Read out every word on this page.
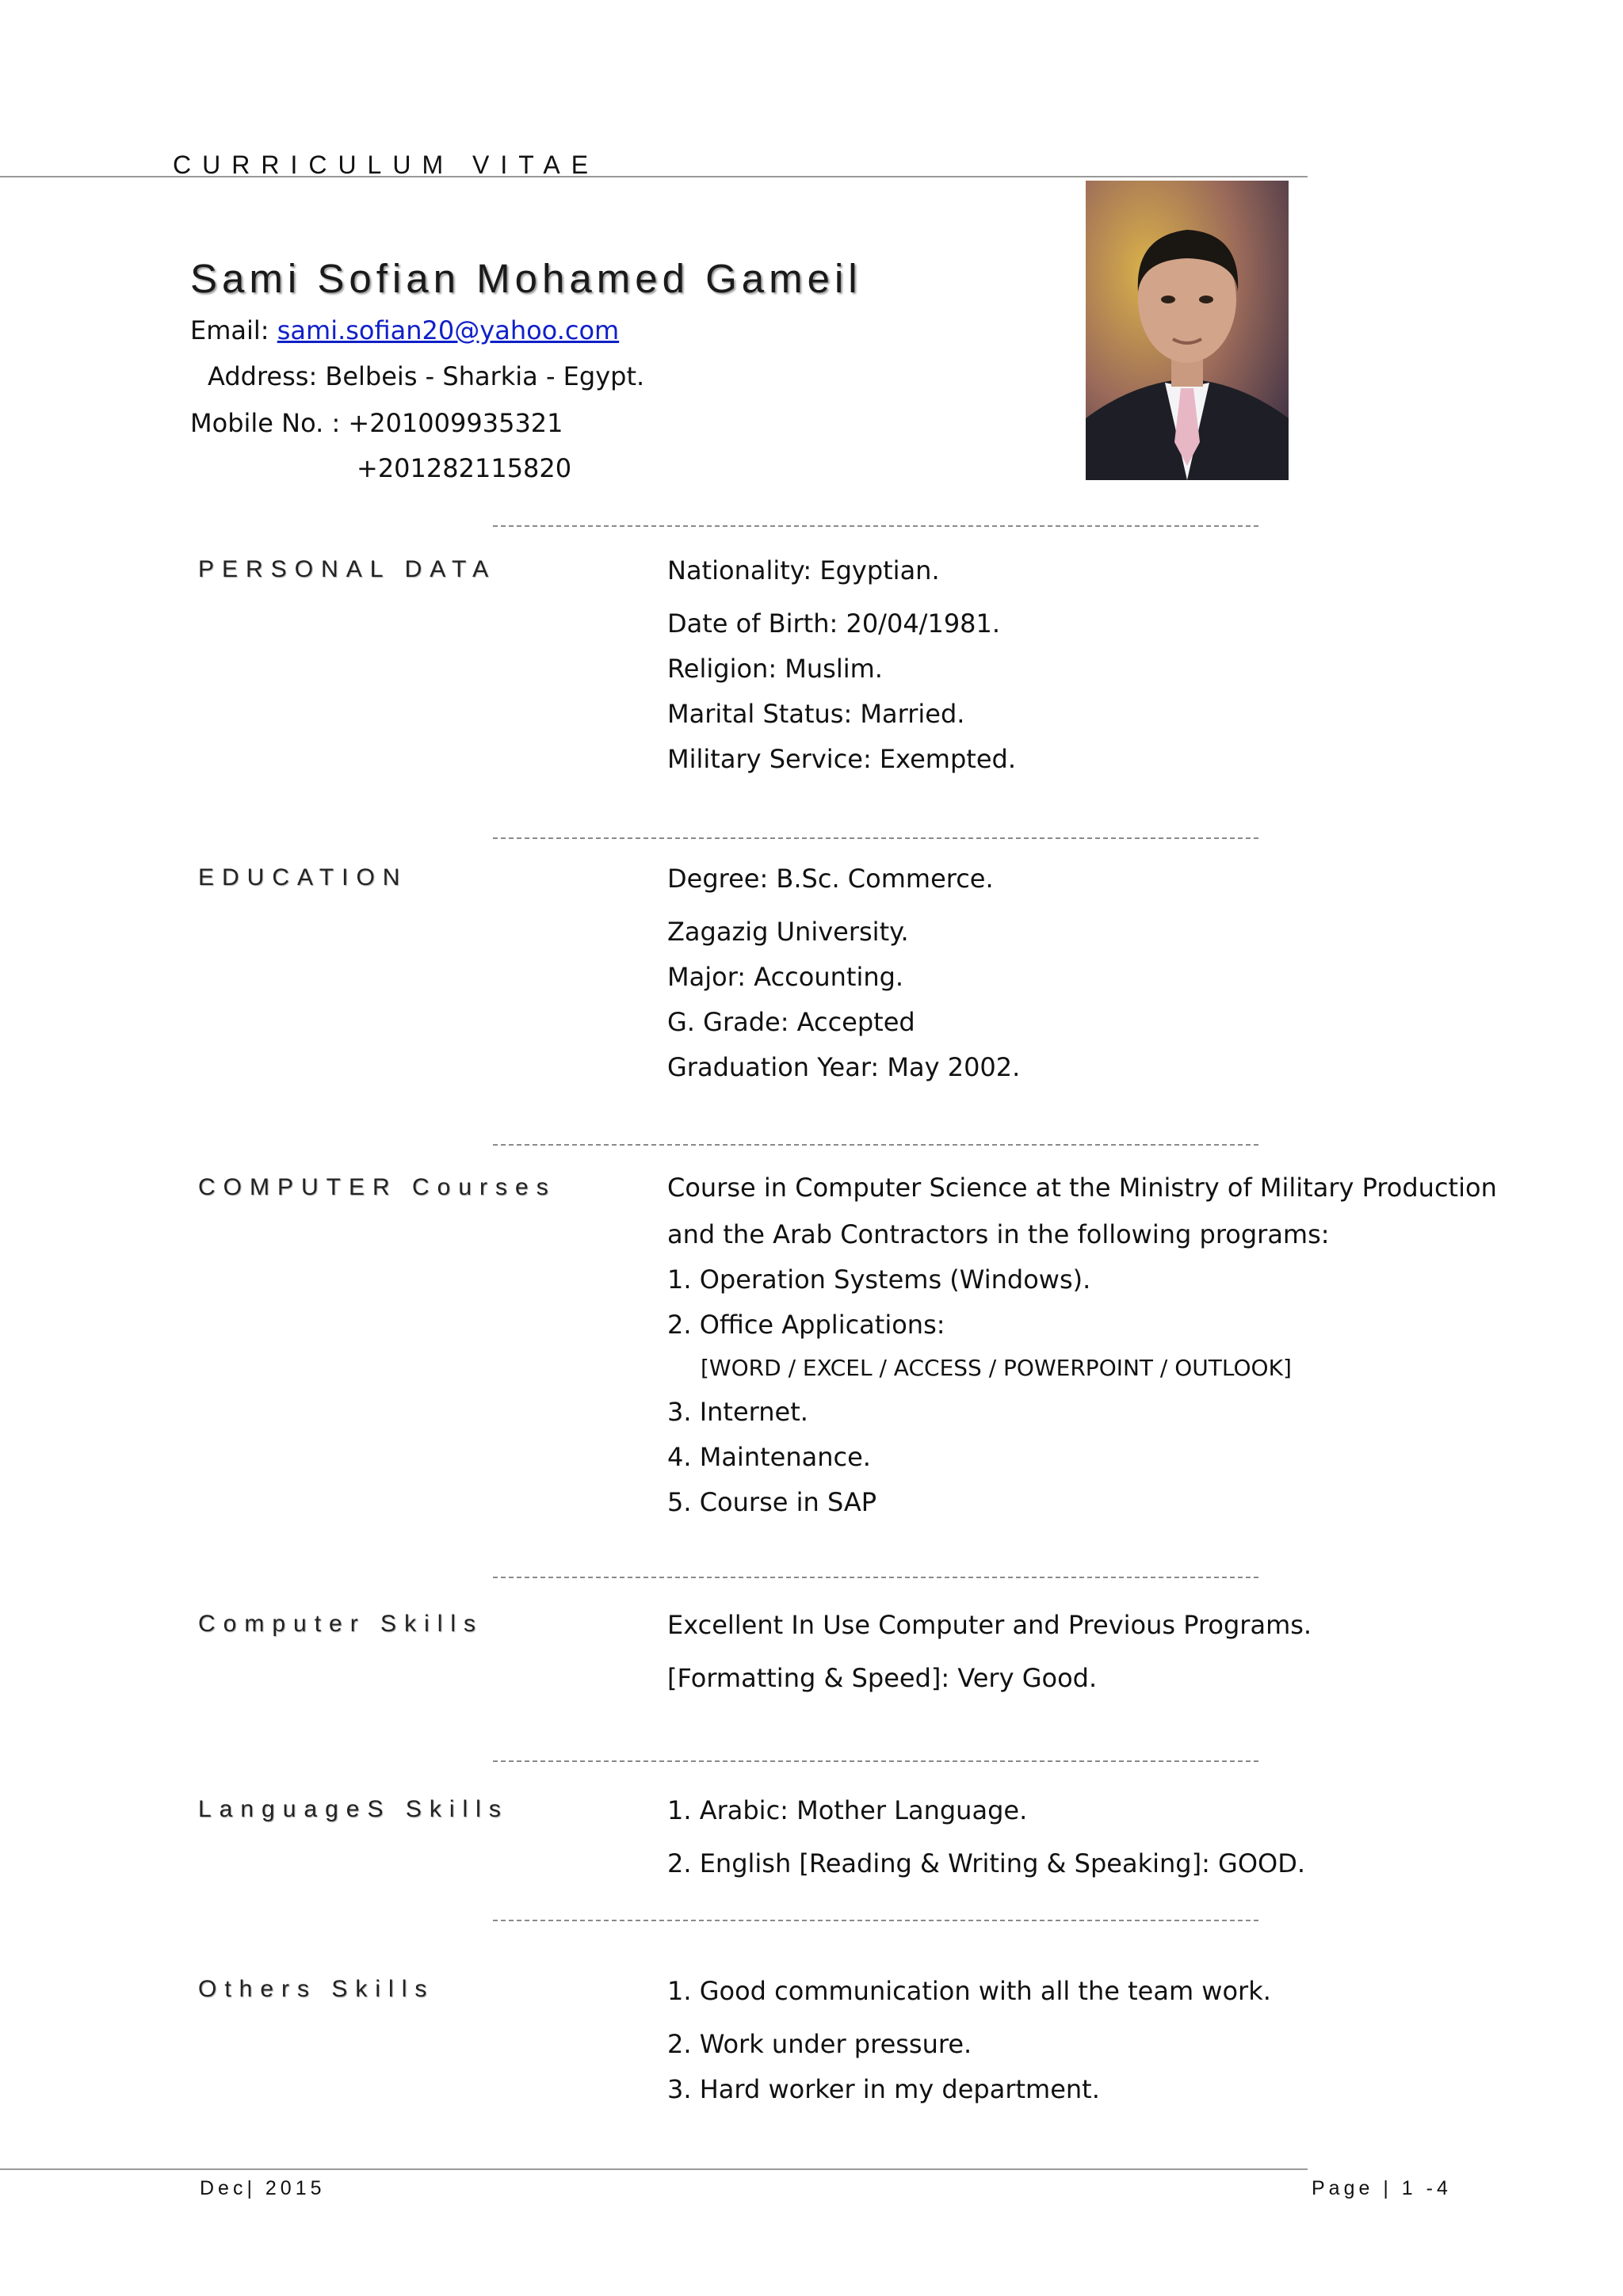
CURRICULUM VITAE
Sami Sofian Mohamed Gameil
Email: sami.sofian20@yahoo.com
Address: Belbeis - Sharkia - Egypt.
Mobile No. : +201009935321
+201282115820
PERSONAL DATA	Nationality: Egyptian.
Date of Birth: 20/04/1981.
Religion: Muslim.
Marital Status: Married.
Military Service: Exempted.
EDUCATION	Degree: B.Sc. Commerce.
Zagazig University.
Major: Accounting.
G. Grade: Accepted
Graduation Year: May 2002.
COMPUTER Courses	Course in Computer Science at the Ministry of Military Production
and the Arab Contractors in the following programs:
1. Operation Systems (Windows).
2. Office Applications:
[WORD / EXCEL / ACCESS / POWERPOINT / OUTLOOK]
3. Internet.
4. Maintenance.
5. Course in SAP
Computer Skills	Excellent In Use Computer and Previous Programs.
[Formatting & Speed]: Very Good.
LanguageS Skills	1. Arabic: Mother Language.
2. English [Reading & Writing & Speaking]: GOOD.
Others Skills	1. Good communication with all the team work.
2. Work under pressure.
3. Hard worker in my department.
Dec| 2015	Page | 1 -4
